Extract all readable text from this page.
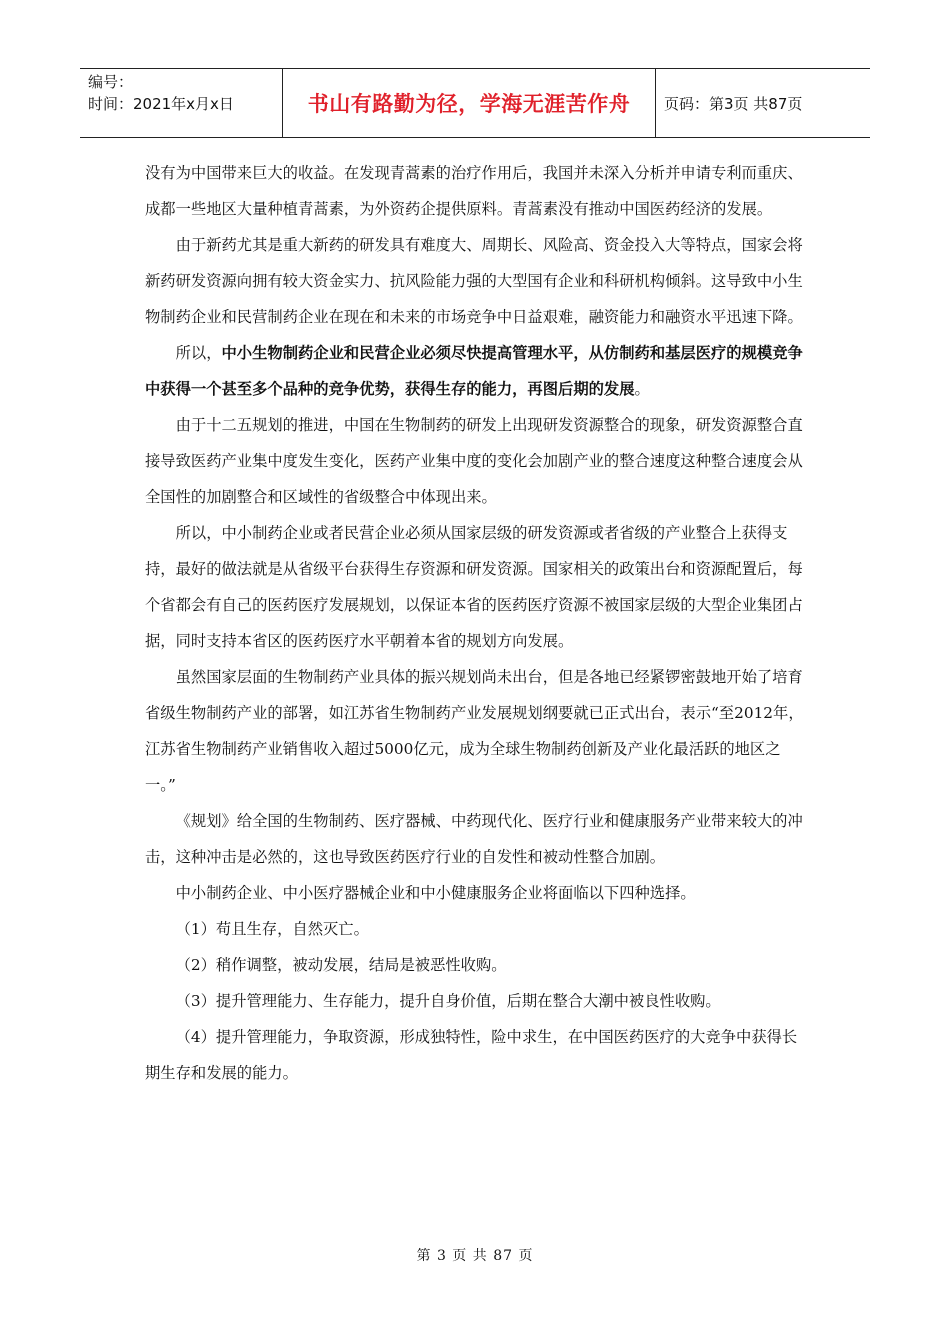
编号：
时间：2021年x月x日	书山有路勤为径，学海无涯苦作舟	页码：第3页 共87页

没有为中国带来巨大的收益。在发现青蒿素的治疗作用后，我国并未深入分析并申请专利而重庆、成都一些地区大量种植青蒿素，为外资药企提供原料。青蒿素没有推动中国医药经济的发展。

由于新药尤其是重大新药的研发具有难度大、周期长、风险高、资金投入大等特点，国家会将新药研发资源向拥有较大资金实力、抗风险能力强的大型国有企业和科研机构倾斜。这导致中小生物制药企业和民营制药企业在现在和未来的市场竞争中日益艰难，融资能力和融资水平迅速下降。

所以，中小生物制药企业和民营企业必须尽快提高管理水平，从仿制药和基层医疗的规模竞争中获得一个甚至多个品种的竞争优势，获得生存的能力，再图后期的发展。

由于十二五规划的推进，中国在生物制药的研发上出现研发资源整合的现象，研发资源整合直接导致医药产业集中度发生变化，医药产业集中度的变化会加剧产业的整合速度这种整合速度会从全国性的加剧整合和区域性的省级整合中体现出来。

所以，中小制药企业或者民营企业必须从国家层级的研发资源或者省级的产业整合上获得支持，最好的做法就是从省级平台获得生存资源和研发资源。国家相关的政策出台和资源配置后，每个省都会有自己的医药医疗发展规划，以保证本省的医药医疗资源不被国家层级的大型企业集团占据，同时支持本省区的医药医疗水平朝着本省的规划方向发展。

虽然国家层面的生物制药产业具体的振兴规划尚未出台，但是各地已经紧锣密鼓地开始了培育省级生物制药产业的部署，如江苏省生物制药产业发展规划纲要就已正式出台，表示“至2012年，江苏省生物制药产业销售收入超过5000亿元，成为全球生物制药创新及产业化最活跃的地区之一。”

《规划》给全国的生物制药、医疗器械、中药现代化、医疗行业和健康服务产业带来较大的冲击，这种冲击是必然的，这也导致医药医疗行业的自发性和被动性整合加剧。

中小制药企业、中小医疗器械企业和中小健康服务企业将面临以下四种选择。

（1）苟且生存，自然灭亡。

（2）稍作调整，被动发展，结局是被恶性收购。

（3）提升管理能力、生存能力，提升自身价值，后期在整合大潮中被良性收购。

（4）提升管理能力，争取资源，形成独特性，险中求生，在中国医药医疗的大竞争中获得长期生存和发展的能力。

第 3 页 共 87 页
